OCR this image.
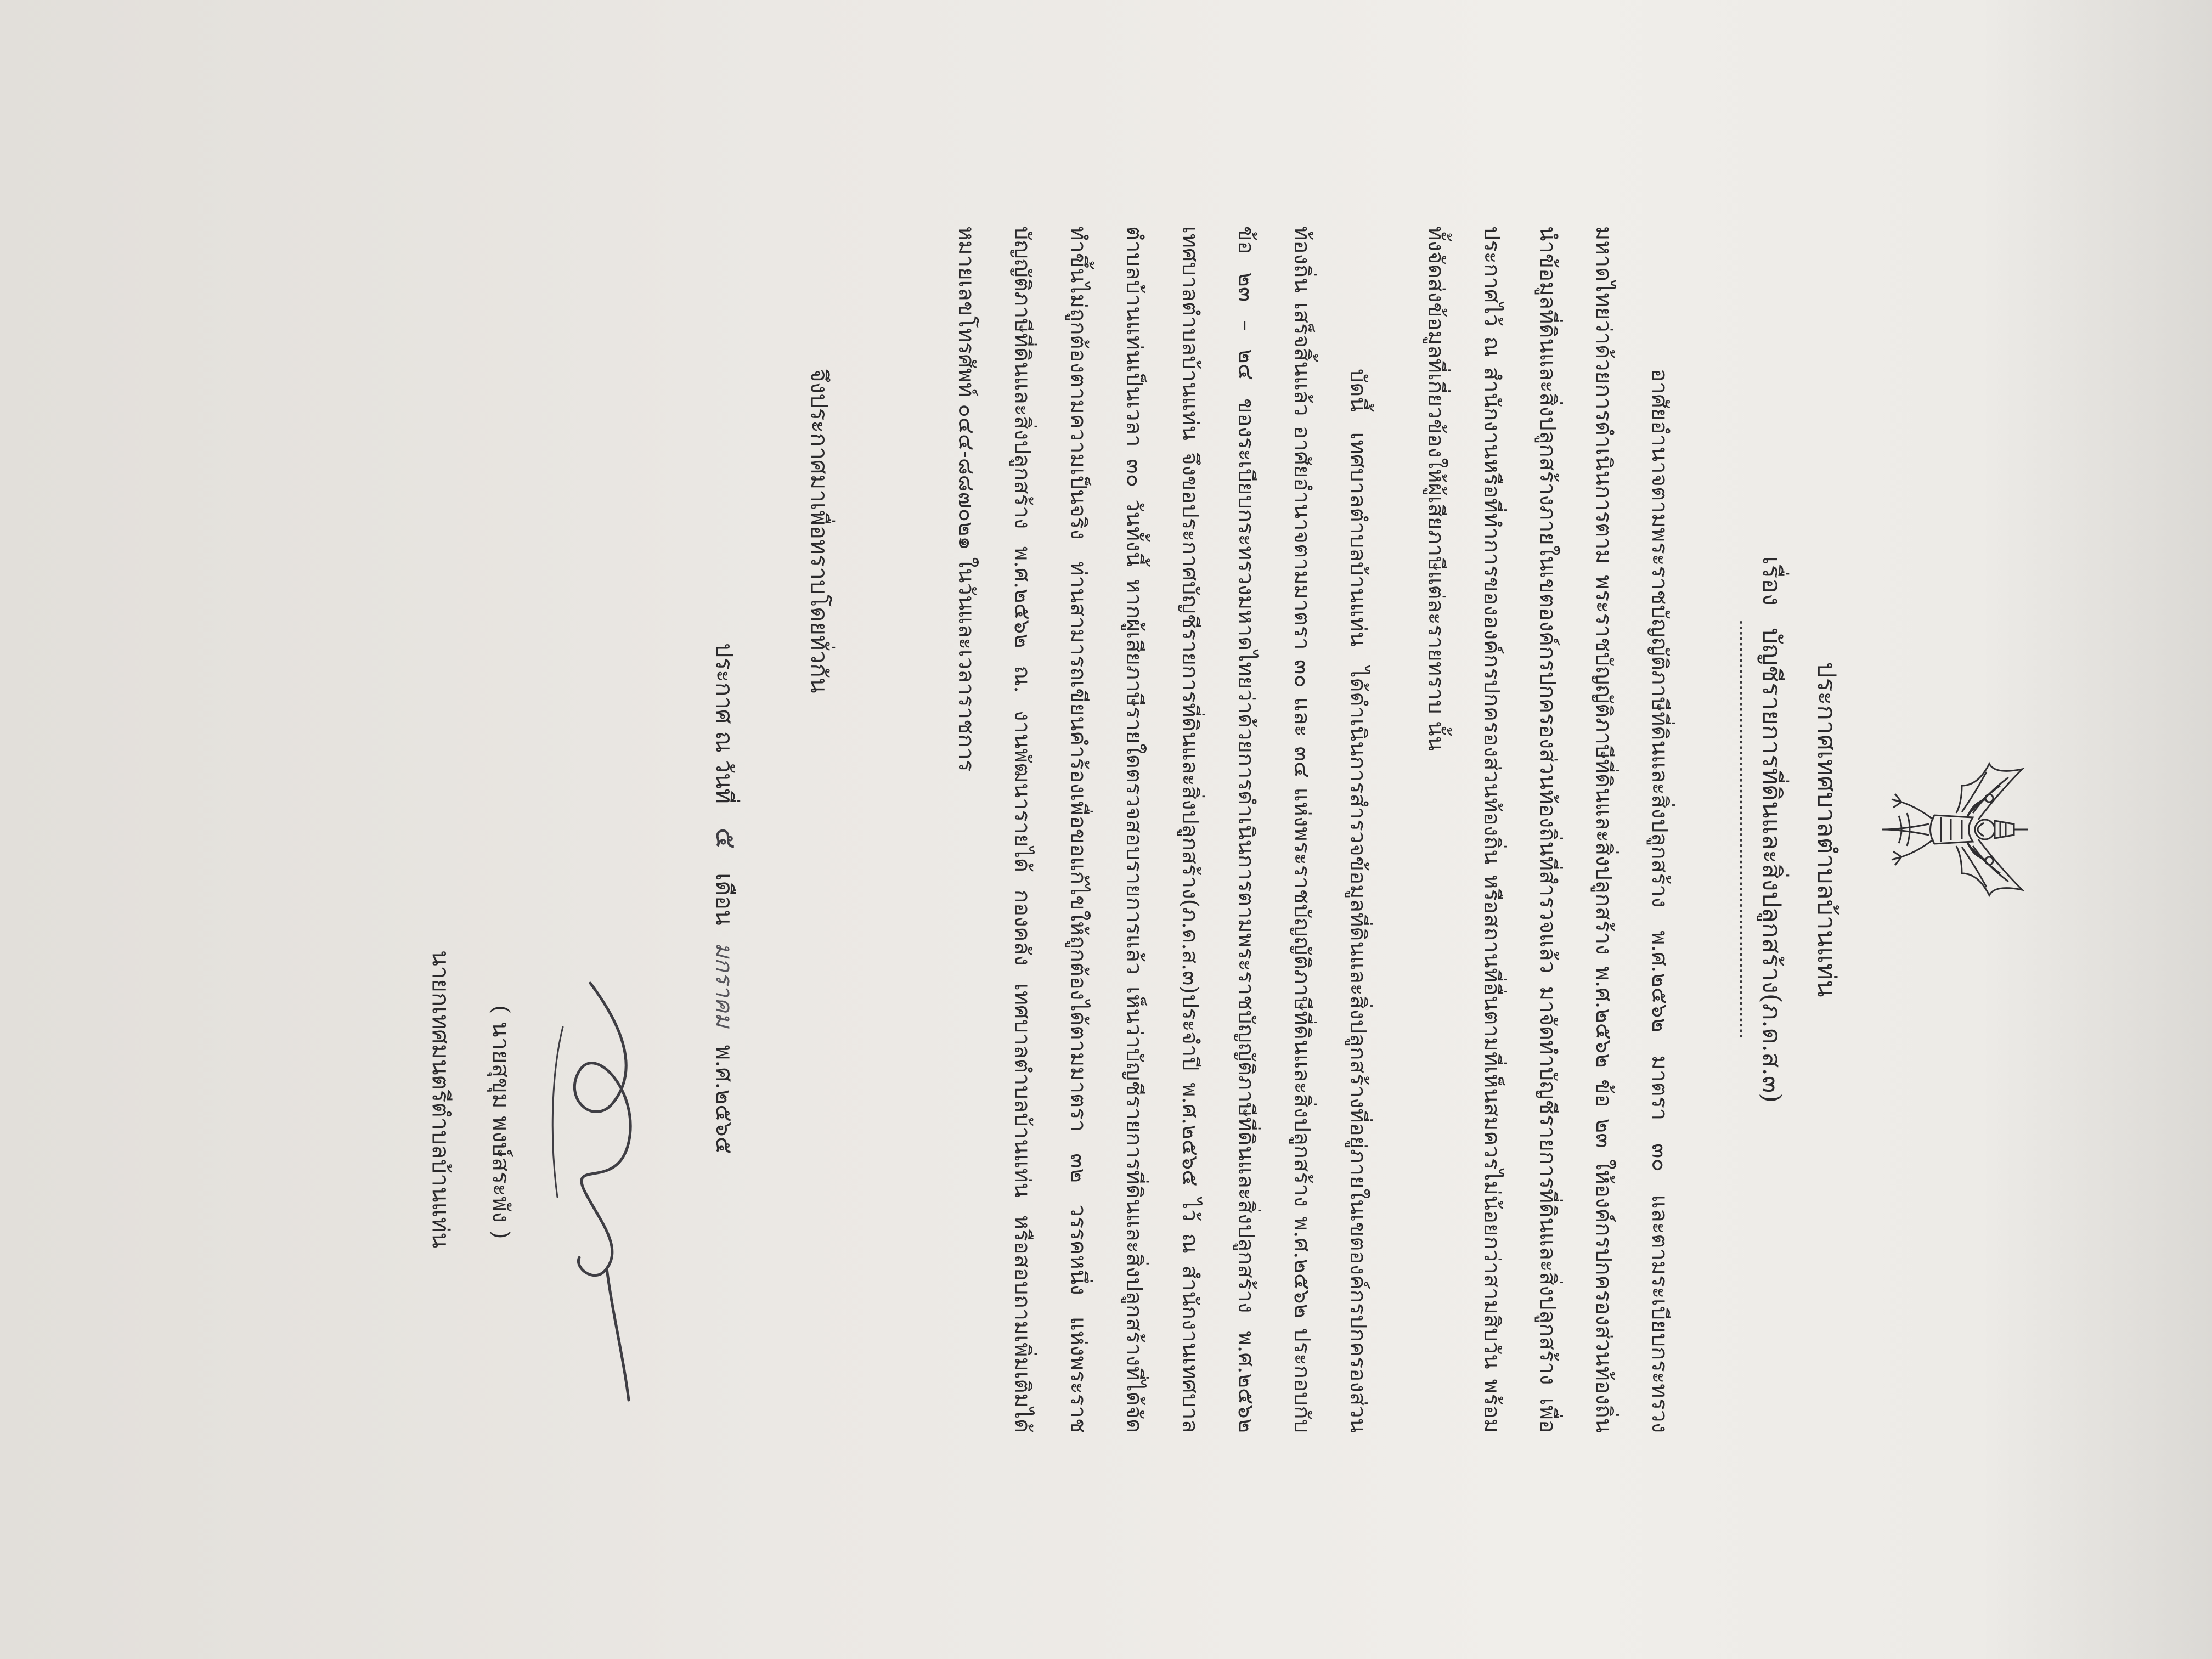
ประกาศเทศบาลตำบลบ้านแท่น
เรื่องบัญชีรายการที่ดินและสิ่งปลูกสร้าง(ภ.ด.ส.๓)

อาศัยอำนาจตามพระราชบัญญัติภาษีที่ดินและสิ่งปลูกสร้าง พ.ศ.๒๕๖๒ มาตรา ๓๐ และตามระเบียบกระทรวงมหาดไทยว่าด้วยการดำเนินการตาม พระราชบัญญัติภาษีที่ดินและสิ่งปลูกสร้าง พ.ศ.๒๕๖๒ ข้อ ๒๓ ให้องค์กรปกครองส่วนท้องถิ่น นำข้อมูลที่ดินและสิ่งปลูกสร้างภายในเขตองค์กรปกครองส่วนท้องถิ่นที่สำรวจแล้ว มาจัดทำบัญชีรายการที่ดินและสิ่งปลูกสร้าง เพื่อประกาศไว้ ณ สำนักงานหรือที่ทำการขององค์กรปกครองส่วนท้องถิ่น หรือสถานที่อื่นตามที่เห็นสมควรไม่น้อยกว่าสามสิบวัน พร้อมทั้งจัดส่งข้อมูลที่เกี่ยวข้องให้ผู้เสียภาษีแต่ละรายทราบ นั้น

บัดนี้ เทศบาลตำบลบ้านแท่น ได้ดำเนินการสำรวจข้อมูลที่ดินและสิ่งปลูกสร้างที่อยู่ภายในเขตองค์กรปกครองส่วนท้องถิ่น เสร็จสิ้นแล้ว อาศัยอำนาจตามมาตรา ๓๐ และ ๓๔ แห่งพระราชบัญญัติภาษีที่ดินและสิ่งปลูกสร้าง พ.ศ.๒๕๖๒ ประกอบกับข้อ ๒๓ – ๒๔ ของระเบียบกระทรวงมหาดไทยว่าด้วยการดำเนินการตามพระราชบัญญัติภาษีที่ดินและสิ่งปลูกสร้าง พ.ศ.๒๕๖๒ เทศบาลตำบลบ้านแท่น จึงขอประกาศบัญชีรายการที่ดินและสิ่งปลูกสร้าง(ภ.ด.ส.๓)ประจำปี พ.ศ.๒๕๖๕ ไว้ ณ สำนักงานเทศบาลตำบลบ้านแท่นเป็นเวลา ๓๐ วันทั้งนี้ หากผู้เสียภาษีรายใดตรวจสอบรายการแล้ว เห็นว่าบัญชีรายการที่ดินและสิ่งปลูกสร้างที่ได้จัดทำขึ้นไม่ถูกต้องตามความเป็นจริง ท่านสามารถเขียนคำร้องเพื่อขอแก้ไขให้ถูกต้องได้ตามมาตรา ๓๒ วรรคหนึ่ง แห่งพระราชบัญญัติภาษีที่ดินและสิ่งปลูกสร้าง พ.ศ.๒๕๖๒ ณ. งานพัฒนารายได้ กองคลัง เทศบาลตำบลบ้านแท่น หรือสอบถามเพิ่มเติมได้หมายเลขโทรศัพท์ ๐๔๔-๘๘๗๐๒๑ ในวันและเวลาราชการ

จึงประกาศมาเพื่อทราบโดยทั่วกัน
ประกาศ ณ วันที่ ๕ เดือน มกราคม พ.ศ.๒๕๖๕
( นายสุขุม พงษ์สระพัง )
นายกเทศมนตรีตำบลบ้านแท่น
